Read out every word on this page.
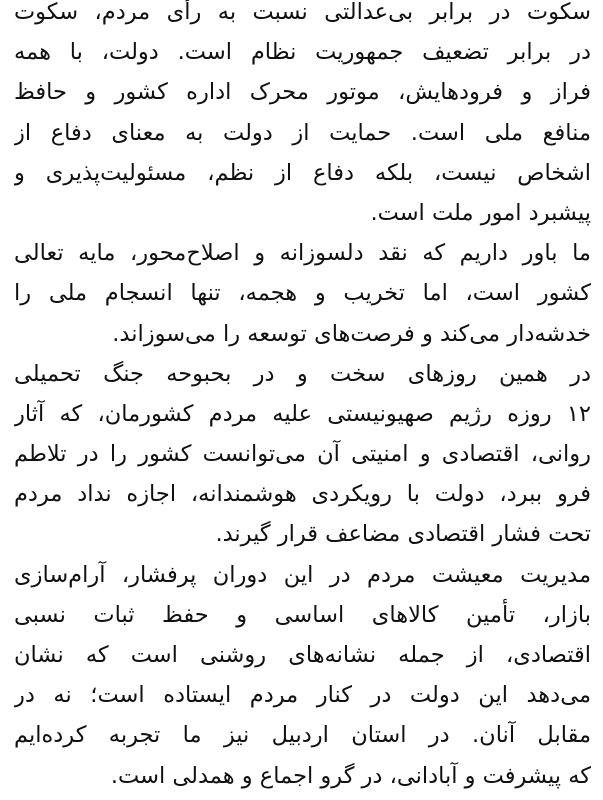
سکوت در برابر بی‌عدالتی نسبت به رأی مردم، سکوت
در برابر تضعیف جمهوریت نظام است. دولت، با همه
فراز و فرودهایش، موتور محرک اداره کشور و حافظ
منافع ملی است. حمایت از دولت به معنای دفاع از
اشخاص نیست، بلکه دفاع از نظم، مسئولیت‌پذیری و
پیشبرد امور ملت است.
ما باور داریم که نقد دلسوزانه و اصلاح‌محور، مایه تعالی
کشور است، اما تخریب و هجمه، تنها انسجام ملی را
خدشه‌دار می‌کند و فرصت‌های توسعه را می‌سوزاند.
در همین روزهای سخت و در بحبوحه جنگ تحمیلی
۱۲ روزه رژیم صهیونیستی علیه مردم کشورمان، که آثار
روانی، اقتصادی و امنیتی آن می‌توانست کشور را در تلاطم
فرو ببرد، دولت با رویکردی هوشمندانه، اجازه نداد مردم
تحت فشار اقتصادی مضاعف قرار گیرند.
مدیریت معیشت مردم در این دوران پرفشار، آرام‌سازی
بازار، تأمین کالاهای اساسی و حفظ ثبات نسبی
اقتصادی، از جمله نشانه‌های روشنی است که نشان
می‌دهد این دولت در کنار مردم ایستاده است؛ نه در
مقابل آنان. در استان اردبیل نیز ما تجربه کرده‌ایم
که پیشرفت و آبادانی، در گرو اجماع و همدلی است.
